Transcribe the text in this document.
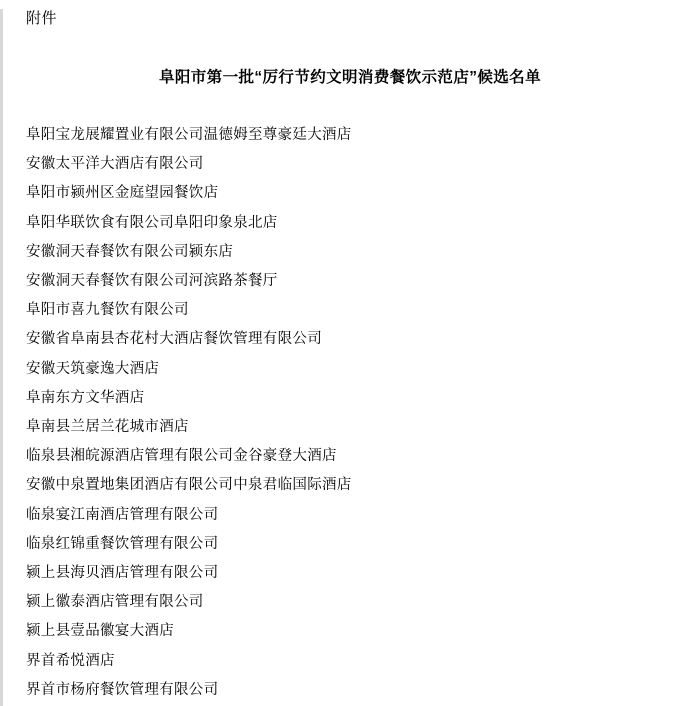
附件
阜阳市第一批“厉行节约文明消费餐饮示范店”候选名单
阜阳宝龙展耀置业有限公司温德姆至尊豪廷大酒店
安徽太平洋大酒店有限公司
阜阳市颍州区金庭望园餐饮店
阜阳华联饮食有限公司阜阳印象泉北店
安徽洞天春餐饮有限公司颍东店
安徽洞天春餐饮有限公司河滨路茶餐厅
阜阳市喜九餐饮有限公司
安徽省阜南县杏花村大酒店餐饮管理有限公司
安徽天筑豪逸大酒店
阜南东方文华酒店
阜南县兰居兰花城市酒店
临泉县湘皖源酒店管理有限公司金谷豪登大酒店
安徽中泉置地集团酒店有限公司中泉君临国际酒店
临泉宴江南酒店管理有限公司
临泉红锦重餐饮管理有限公司
颍上县海贝酒店管理有限公司
颍上徽泰酒店管理有限公司
颍上县壹品徽宴大酒店
界首希悦酒店
界首市杨府餐饮管理有限公司
